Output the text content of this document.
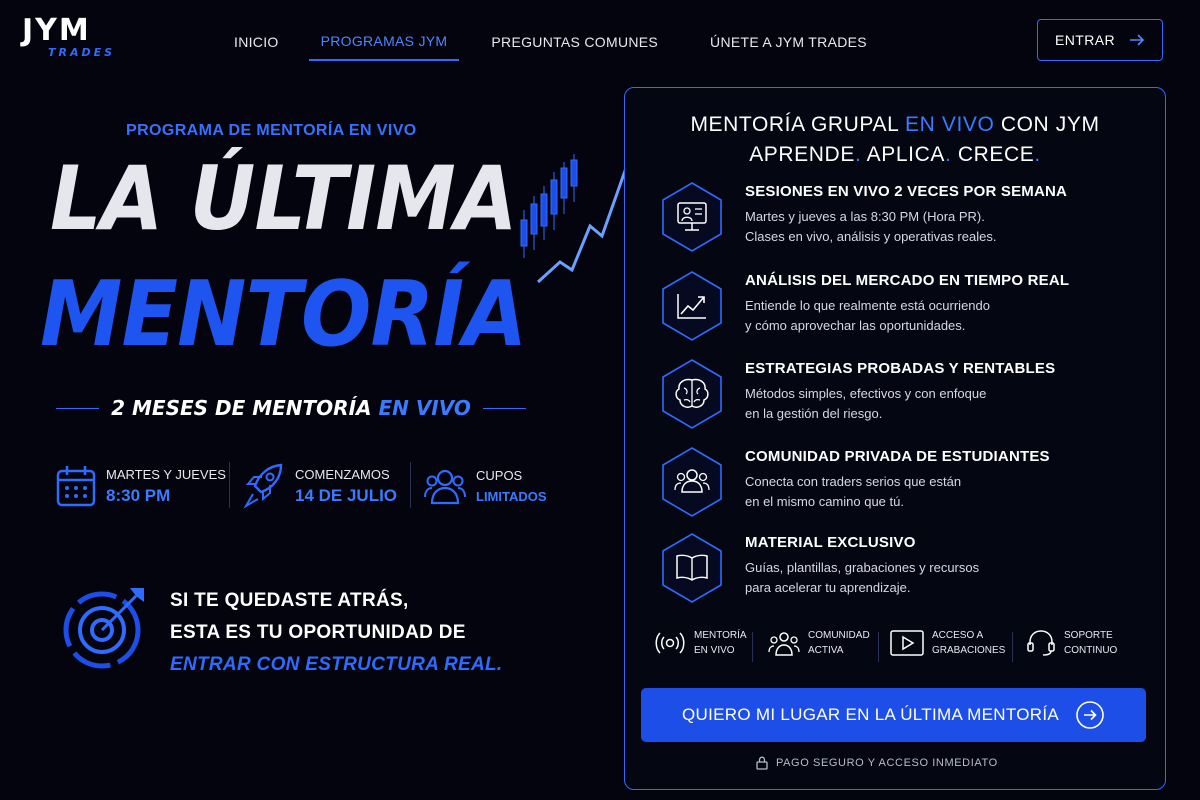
JYM
TRADES
INICIO	PROGRAMAS JYM	PREGUNTAS COMUNES	ÚNETE A JYM TRADES	ENTRAR
PROGRAMA DE MENTORÍA EN VIVO
LA ÚLTIMA
MENTORÍA
2 MESES DE MENTORÍA EN VIVO
MARTES Y JUEVES
8:30 PM
COMENZAMOS
14 DE JULIO
CUPOS
LIMITADOS
SI TE QUEDASTE ATRÁS,
ESTA ES TU OPORTUNIDAD DE
ENTRAR CON ESTRUCTURA REAL.
MENTORÍA GRUPAL EN VIVO CON JYM
APRENDE. APLICA. CRECE.
SESIONES EN VIVO 2 VECES POR SEMANA
Martes y jueves a las 8:30 PM (Hora PR).
Clases en vivo, análisis y operativas reales.
ANÁLISIS DEL MERCADO EN TIEMPO REAL
Entiende lo que realmente está ocurriendo
y cómo aprovechar las oportunidades.
ESTRATEGIAS PROBADAS Y RENTABLES
Métodos simples, efectivos y con enfoque
en la gestión del riesgo.
COMUNIDAD PRIVADA DE ESTUDIANTES
Conecta con traders serios que están
en el mismo camino que tú.
MATERIAL EXCLUSIVO
Guías, plantillas, grabaciones y recursos
para acelerar tu aprendizaje.
MENTORÍA
EN VIVO
COMUNIDAD
ACTIVA
ACCESO A
GRABACIONES
SOPORTE
CONTINUO
QUIERO MI LUGAR EN LA ÚLTIMA MENTORÍA
PAGO SEGURO Y ACCESO INMEDIATO
